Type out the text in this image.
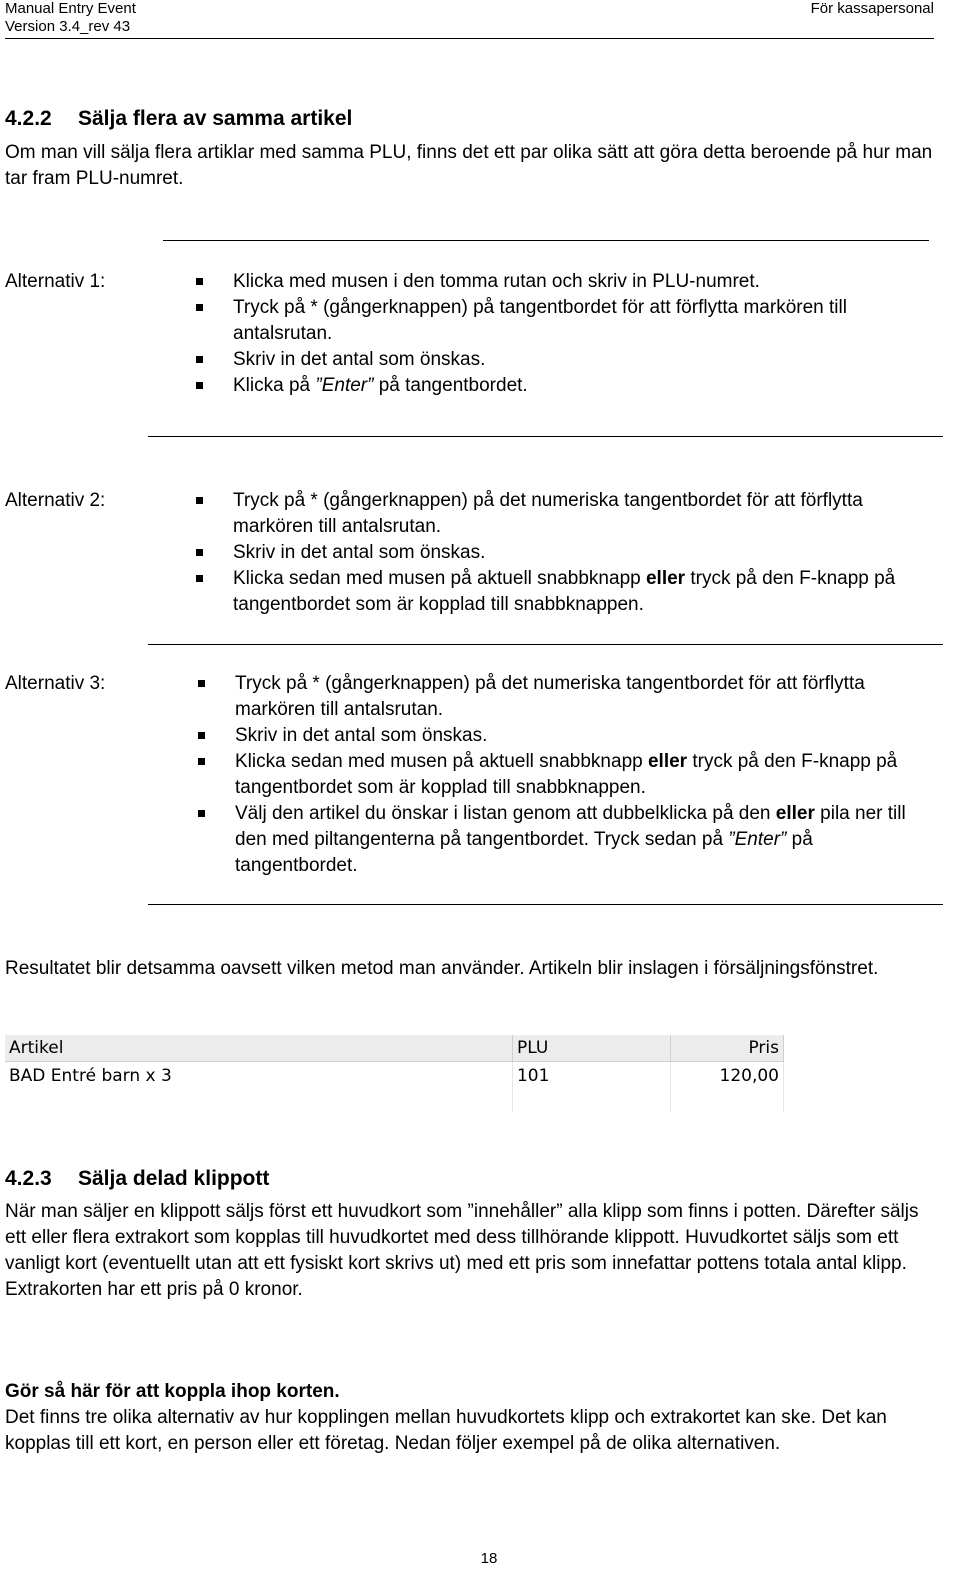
Manual Entry Event
Version 3.4_rev 43
För kassapersonal
4.2.2 Sälja flera av samma artikel

Om man vill sälja flera artiklar med samma PLU, finns det ett par olika sätt att göra detta beroende på hur man tar fram PLU-numret.

Alternativ 1:	Klicka med musen i den tomma rutan och skriv in PLU-numret.
Tryck på * (gångerknappen) på tangentbordet för att förflytta markören till antalsrutan.
Skriv in det antal som önskas.
Klicka på ”Enter” på tangentbordet.
Alternativ 2:	Tryck på * (gångerknappen) på det numeriska tangentbordet för att förflytta markören till antalsrutan.
Skriv in det antal som önskas.
Klicka sedan med musen på aktuell snabbknapp eller tryck på den F-knapp på tangentbordet som är kopplad till snabbknappen.
Alternativ 3:	Tryck på * (gångerknappen) på det numeriska tangentbordet för att förflytta markören till antalsrutan.
Skriv in det antal som önskas.
Klicka sedan med musen på aktuell snabbknapp eller tryck på den F-knapp på tangentbordet som är kopplad till snabbknappen.
Välj den artikel du önskar i listan genom att dubbelklicka på den eller pila ner till den med piltangenterna på tangentbordet. Tryck sedan på ”Enter” på tangentbordet.

Resultatet blir detsamma oavsett vilken metod man använder. Artikeln blir inslagen i försäljningsfönstret.

Artikel	PLU	Pris
BAD Entré barn x 3	101	120,00

4.2.3 Sälja delad klippott

När man säljer en klippott säljs först ett huvudkort som ”innehåller” alla klipp som finns i potten. Därefter säljs ett eller flera extrakort som kopplas till huvudkortet med dess tillhörande klippott. Huvudkortet säljs som ett vanligt kort (eventuellt utan att ett fysiskt kort skrivs ut) med ett pris som innefattar pottens totala antal klipp. Extrakorten har ett pris på 0 kronor.

Gör så här för att koppla ihop korten.

Det finns tre olika alternativ av hur kopplingen mellan huvudkortets klipp och extrakortet kan ske. Det kan kopplas till ett kort, en person eller ett företag. Nedan följer exempel på de olika alternativen.

18
